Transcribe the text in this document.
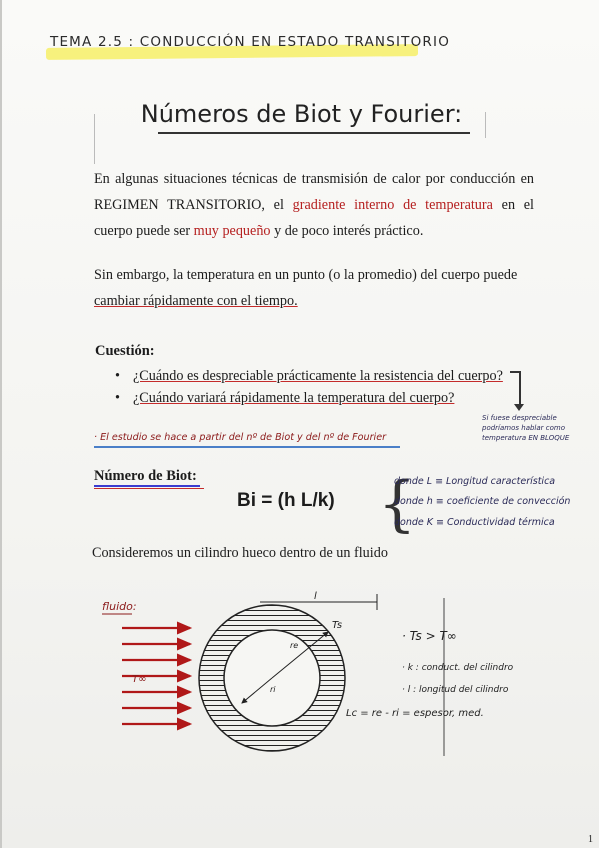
TEMA 2.5 : CONDUCCIÓN EN ESTADO TRANSITORIO
Números de Biot y Fourier:
En algunas situaciones técnicas de transmisión de calor por conducción en REGIMEN TRANSITORIO, el gradiente interno de temperatura en el cuerpo puede ser muy pequeño y de poco interés práctico.
Sin embargo, la temperatura en un punto (o la promedio) del cuerpo puede cambiar rápidamente con el tiempo.
Cuestión:
• ¿Cuándo es despreciable prácticamente la resistencia del cuerpo?
• ¿Cuándo variará rápidamente la temperatura del cuerpo?
Si fuese despreciable podríamos hablar como temperatura EN BLOQUE
· El estudio se hace a partir del nº de Biot y del nº de Fourier
Número de Biot:
Bi = (h L/k) {
donde L ≡ Longitud característica
donde h ≡ coeficiente de convección
donde K ≡ Conductividad térmica
Consideremos un cilindro hueco dentro de un fluido
fluido:
T∞
re
ri
Ts
l
· Ts > T∞
· k : conduct. del cilindro
· l : longitud del cilindro
Lc = re - ri = espesor, med.
1
